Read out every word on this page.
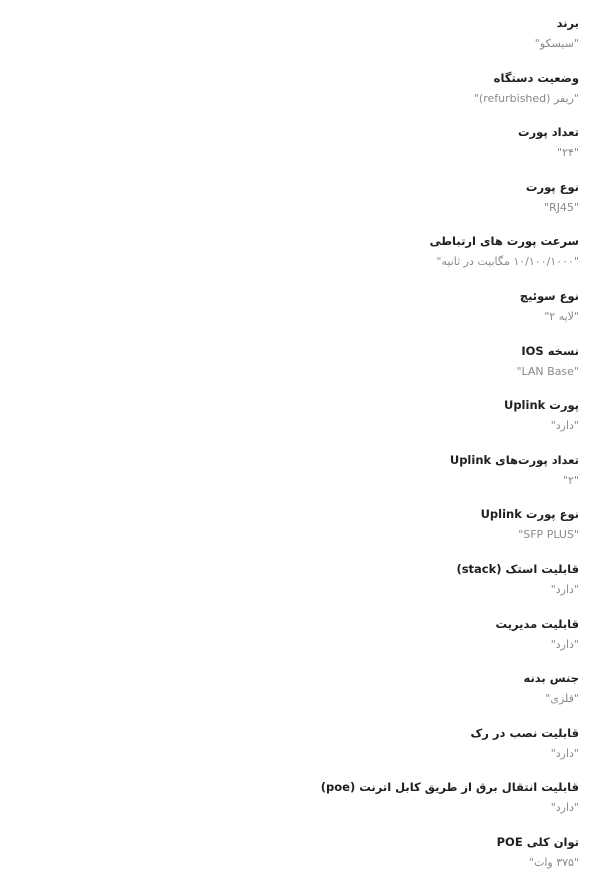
برند
"سیسکو"
وضعیت دستگاه
"ریفر (refurbished)"
تعداد پورت
"۲۴"
نوع پورت
"RJ45"
سرعت پورت های ارتباطی
"۱۰/۱۰۰/۱۰۰۰ مگابیت در ثانیه"
نوع سوئیچ
"لایه ۲"
نسخه IOS
"LAN Base"
پورت Uplink
"دارد"
تعداد پورت‌های Uplink
"۲"
نوع پورت Uplink
"SFP PLUS"
قابلیت استک (stack)
"دارد"
قابلیت مدیریت
"دارد"
جنس بدنه
"فلزی"
قابلیت نصب در رک
"دارد"
قابلیت انتقال برق از طریق کابل اترنت (poe)
"دارد"
توان کلی POE
"۳۷۵ وات"
